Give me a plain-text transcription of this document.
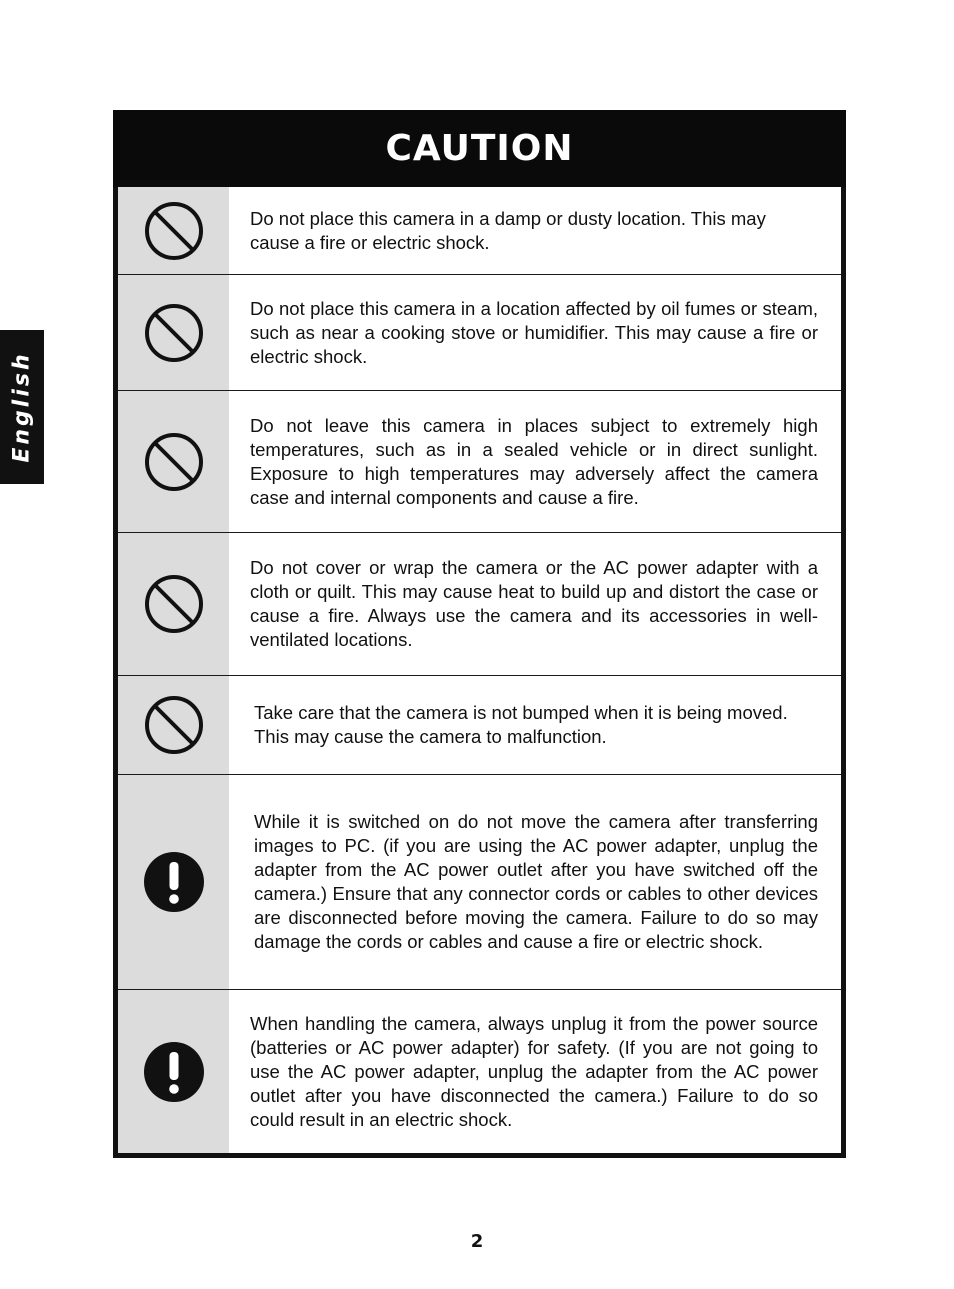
English
CAUTION

Do not place this camera in a damp or dusty location. This may cause a fire or electric shock.

Do not place this camera in a location affected by oil fumes or steam, such as near a cooking stove or humidifier. This may cause a fire or electric shock.

Do not leave this camera in places subject to extremely high temperatures, such as in a sealed vehicle or in direct sunlight. Exposure to high temperatures may adversely affect the camera case and internal components and cause a fire.

Do not cover or wrap the camera or the AC power adapter with a cloth or quilt. This may cause heat to build up and distort the case or cause a fire. Always use the camera and its accessories in well-ventilated locations.

Take care that the camera is not bumped when it is being moved. This may cause the camera to malfunction.

While it is switched on do not move the camera after transferring images to PC. (if you are using the AC power adapter, unplug the adapter from the AC power outlet after you have switched off the camera.) Ensure that any connector cords or cables to other devices are disconnected before moving the camera. Failure to do so may damage the cords or cables and cause a fire or electric shock.

When handling the camera, always unplug it from the power source (batteries or AC power adapter) for safety. (If you are not going to use the AC power adapter, unplug the adapter from the AC power outlet after you have disconnected the camera.) Failure to do so could result in an electric shock.

2
